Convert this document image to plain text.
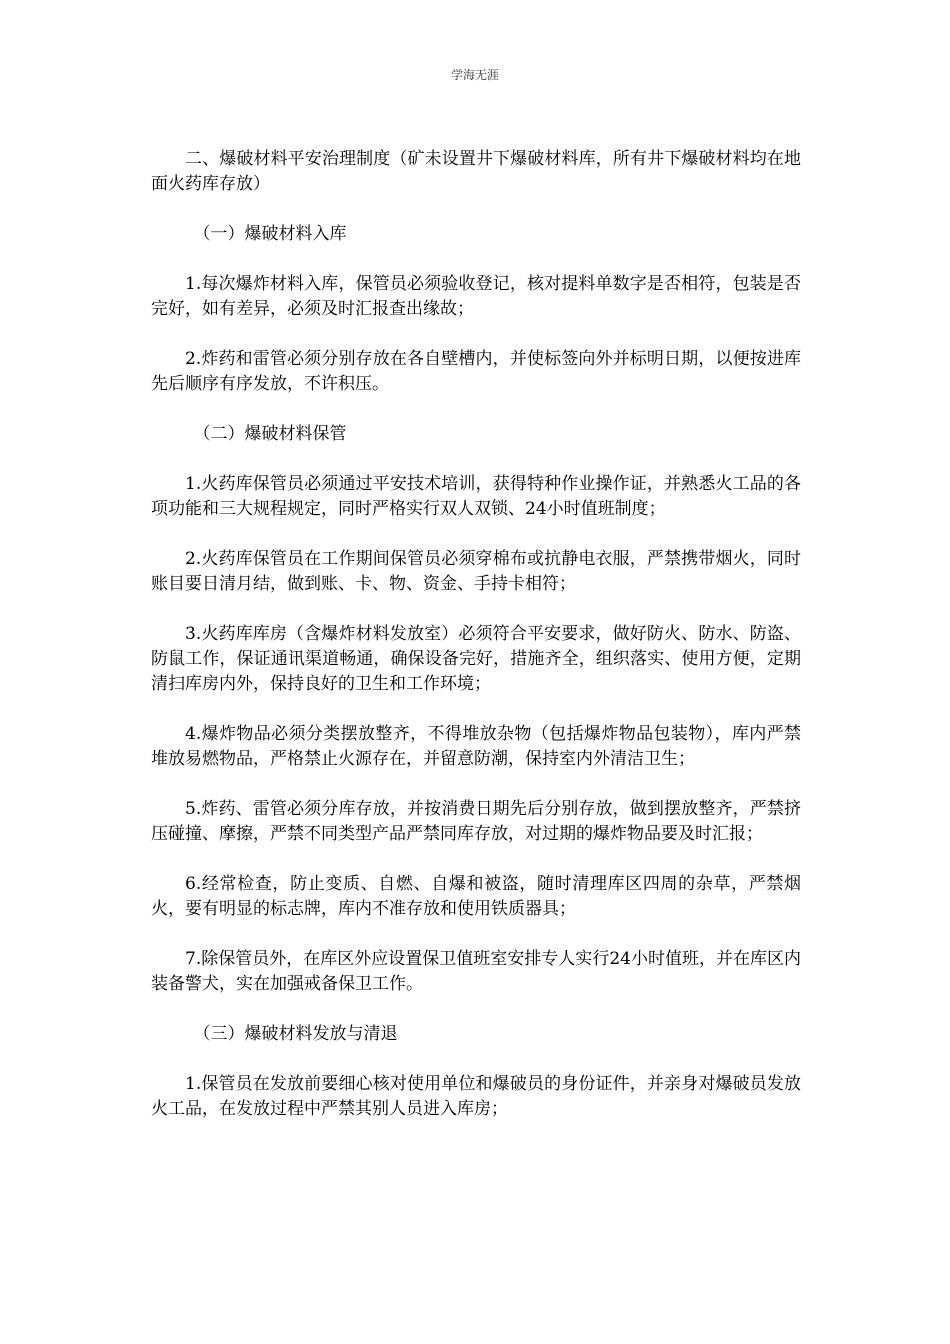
学海无涯

二、爆破材料平安治理制度（矿未设置井下爆破材料库，所有井下爆破材料均在地面火药库存放）

（一）爆破材料入库

1.每次爆炸材料入库，保管员必须验收登记，核对提料单数字是否相符，包装是否完好，如有差异，必须及时汇报查出缘故；

2.炸药和雷管必须分别存放在各自壁槽内，并使标签向外并标明日期，以便按进库先后顺序有序发放，不许积压。

（二）爆破材料保管

1.火药库保管员必须通过平安技术培训，获得特种作业操作证，并熟悉火工品的各项功能和三大规程规定，同时严格实行双人双锁、24小时值班制度；

2.火药库保管员在工作期间保管员必须穿棉布或抗静电衣服，严禁携带烟火，同时账目要日清月结，做到账、卡、物、资金、手持卡相符；

3.火药库库房（含爆炸材料发放室）必须符合平安要求，做好防火、防水、防盗、防鼠工作，保证通讯渠道畅通，确保设备完好，措施齐全，组织落实、使用方便，定期清扫库房内外，保持良好的卫生和工作环境；

4.爆炸物品必须分类摆放整齐，不得堆放杂物（包括爆炸物品包装物），库内严禁堆放易燃物品，严格禁止火源存在，并留意防潮，保持室内外清洁卫生；

5.炸药、雷管必须分库存放，并按消费日期先后分别存放，做到摆放整齐，严禁挤压碰撞、摩擦，严禁不同类型产品严禁同库存放，对过期的爆炸物品要及时汇报；

6.经常检查，防止变质、自燃、自爆和被盗，随时清理库区四周的杂草，严禁烟火，要有明显的标志牌，库内不准存放和使用铁质器具；

7.除保管员外，在库区外应设置保卫值班室安排专人实行24小时值班，并在库区内装备警犬，实在加强戒备保卫工作。

（三）爆破材料发放与清退

1.保管员在发放前要细心核对使用单位和爆破员的身份证件，并亲身对爆破员发放火工品，在发放过程中严禁其别人员进入库房；
